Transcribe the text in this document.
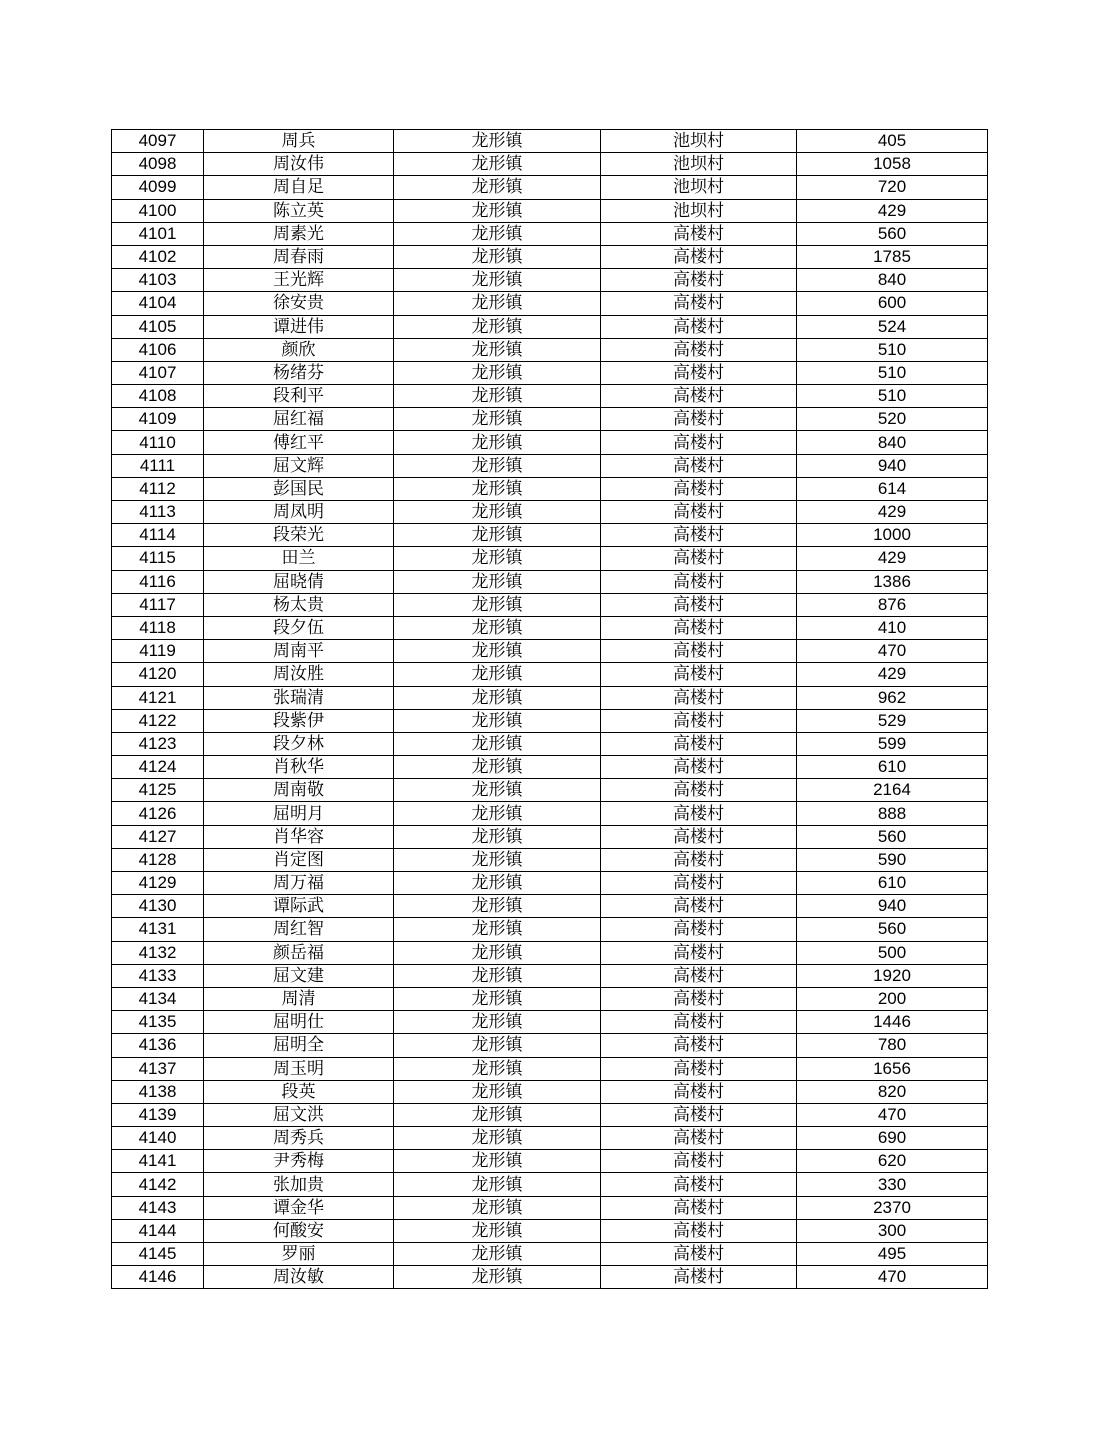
4097	周兵	龙形镇	池坝村	405
4098	周汝伟	龙形镇	池坝村	1058
4099	周自足	龙形镇	池坝村	720
4100	陈立英	龙形镇	池坝村	429
4101	周素光	龙形镇	高楼村	560
4102	周春雨	龙形镇	高楼村	1785
4103	王光辉	龙形镇	高楼村	840
4104	徐安贵	龙形镇	高楼村	600
4105	谭进伟	龙形镇	高楼村	524
4106	颜欣	龙形镇	高楼村	510
4107	杨绪芬	龙形镇	高楼村	510
4108	段利平	龙形镇	高楼村	510
4109	屈红福	龙形镇	高楼村	520
4110	傅红平	龙形镇	高楼村	840
4111	屈文辉	龙形镇	高楼村	940
4112	彭国民	龙形镇	高楼村	614
4113	周凤明	龙形镇	高楼村	429
4114	段荣光	龙形镇	高楼村	1000
4115	田兰	龙形镇	高楼村	429
4116	屈晓倩	龙形镇	高楼村	1386
4117	杨太贵	龙形镇	高楼村	876
4118	段夕伍	龙形镇	高楼村	410
4119	周南平	龙形镇	高楼村	470
4120	周汝胜	龙形镇	高楼村	429
4121	张瑞清	龙形镇	高楼村	962
4122	段紫伊	龙形镇	高楼村	529
4123	段夕林	龙形镇	高楼村	599
4124	肖秋华	龙形镇	高楼村	610
4125	周南敬	龙形镇	高楼村	2164
4126	屈明月	龙形镇	高楼村	888
4127	肖华容	龙形镇	高楼村	560
4128	肖定图	龙形镇	高楼村	590
4129	周万福	龙形镇	高楼村	610
4130	谭际武	龙形镇	高楼村	940
4131	周红智	龙形镇	高楼村	560
4132	颜岳福	龙形镇	高楼村	500
4133	屈文建	龙形镇	高楼村	1920
4134	周清	龙形镇	高楼村	200
4135	屈明仕	龙形镇	高楼村	1446
4136	屈明全	龙形镇	高楼村	780
4137	周玉明	龙形镇	高楼村	1656
4138	段英	龙形镇	高楼村	820
4139	屈文洪	龙形镇	高楼村	470
4140	周秀兵	龙形镇	高楼村	690
4141	尹秀梅	龙形镇	高楼村	620
4142	张加贵	龙形镇	高楼村	330
4143	谭金华	龙形镇	高楼村	2370
4144	何酸安	龙形镇	高楼村	300
4145	罗丽	龙形镇	高楼村	495
4146	周汝敏	龙形镇	高楼村	470
